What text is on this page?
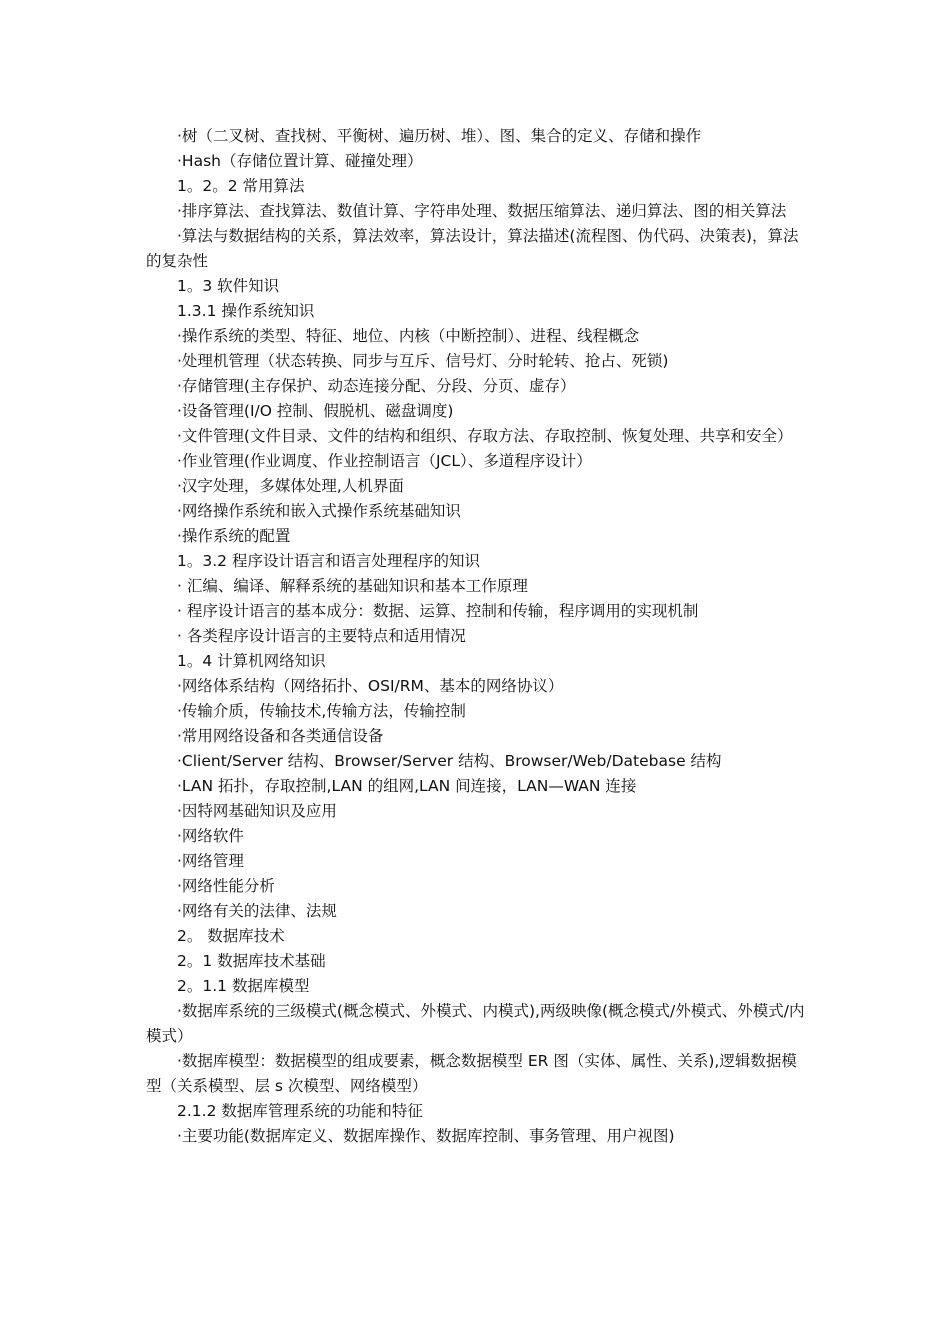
·树（二叉树、查找树、平衡树、遍历树、堆）、图、集合的定义、存储和操作
·Hash（存储位置计算、碰撞处理）
1。2。2 常用算法
·排序算法、查找算法、数值计算、字符串处理、数据压缩算法、递归算法、图的相关算法
·算法与数据结构的关系，算法效率，算法设计，算法描述(流程图、伪代码、决策表)，算法的复杂性
1。3 软件知识
1.3.1 操作系统知识
·操作系统的类型、特征、地位、内核（中断控制）、进程、线程概念
·处理机管理（状态转换、同步与互斥、信号灯、分时轮转、抢占、死锁)
·存储管理(主存保护、动态连接分配、分段、分页、虚存）
·设备管理(I/O 控制、假脱机、磁盘调度)
·文件管理(文件目录、文件的结构和组织、存取方法、存取控制、恢复处理、共享和安全）
·作业管理(作业调度、作业控制语言（JCL）、多道程序设计）
·汉字处理，多媒体处理,人机界面
·网络操作系统和嵌入式操作系统基础知识
·操作系统的配置
1。3.2 程序设计语言和语言处理程序的知识
· 汇编、编译、解释系统的基础知识和基本工作原理
· 程序设计语言的基本成分：数据、运算、控制和传输，程序调用的实现机制
· 各类程序设计语言的主要特点和适用情况
1。4 计算机网络知识
·网络体系结构（网络拓扑、OSI/RM、基本的网络协议）
·传输介质，传输技术,传输方法，传输控制
·常用网络设备和各类通信设备
·Client/Server 结构、Browser/Server 结构、Browser/Web/Datebase 结构
·LAN 拓扑，存取控制,LAN 的组网,LAN 间连接，LAN—WAN 连接
·因特网基础知识及应用
·网络软件
·网络管理
·网络性能分析
·网络有关的法律、法规
2。 数据库技术
2。1 数据库技术基础
2。1.1 数据库模型
·数据库系统的三级模式(概念模式、外模式、内模式),两级映像(概念模式/外模式、外模式/内模式）
·数据库模型：数据模型的组成要素，概念数据模型 ER 图（实体、属性、关系),逻辑数据模型（关系模型、层 s 次模型、网络模型）
2.1.2 数据库管理系统的功能和特征
·主要功能(数据库定义、数据库操作、数据库控制、事务管理、用户视图)
